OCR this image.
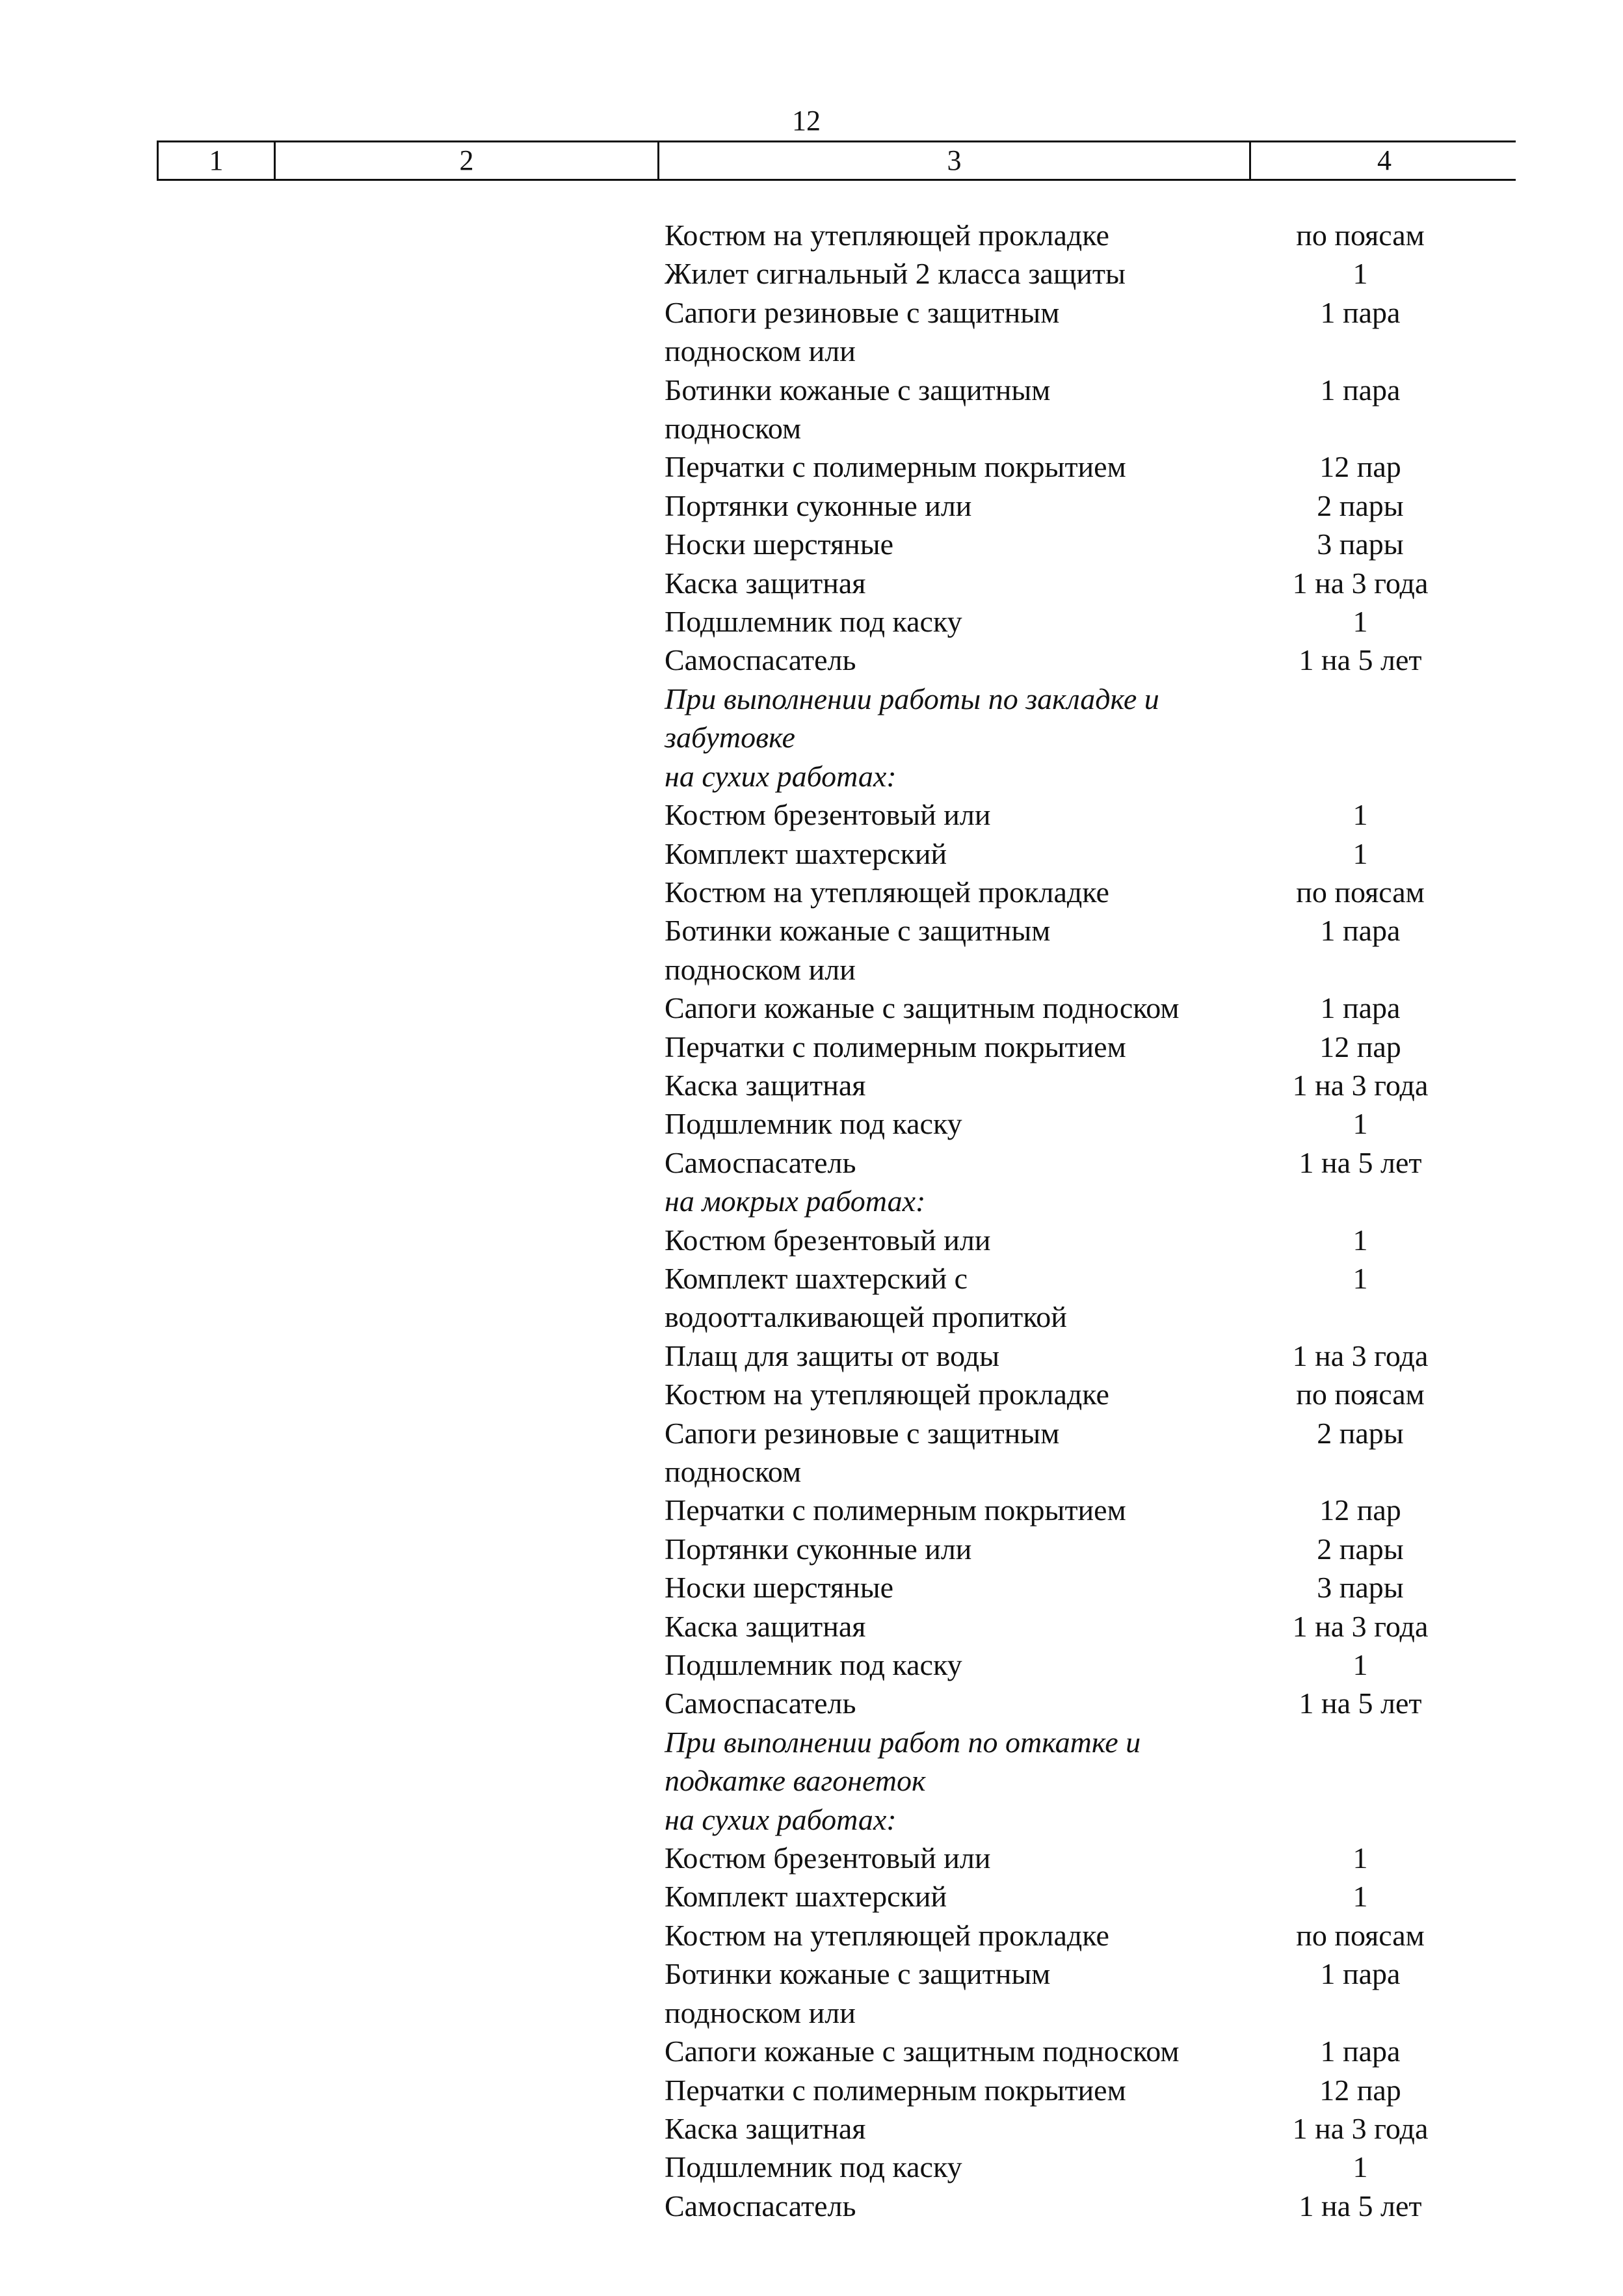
12
1	2	3	4
Костюм на утепляющей прокладке	по поясам
Жилет сигнальный 2 класса защиты	1
Сапоги резиновые с защитным	1 пара
подноском или
Ботинки кожаные с защитным	1 пара
подноском
Перчатки с полимерным покрытием	12 пар
Портянки суконные или	2 пары
Носки шерстяные	3 пары
Каска защитная	1 на 3 года
Подшлемник под каску	1
Самоспасатель	1 на 5 лет
При выполнении работы по закладке и
забутовке
на сухих работах:
Костюм брезентовый или	1
Комплект шахтерский	1
Костюм на утепляющей прокладке	по поясам
Ботинки кожаные с защитным	1 пара
подноском или
Сапоги кожаные с защитным подноском	1 пара
Перчатки с полимерным покрытием	12 пар
Каска защитная	1 на 3 года
Подшлемник под каску	1
Самоспасатель	1 на 5 лет
на мокрых работах:
Костюм брезентовый или	1
Комплект шахтерский с	1
водоотталкивающей пропиткой
Плащ для защиты от воды	1 на 3 года
Костюм на утепляющей прокладке	по поясам
Сапоги резиновые с защитным	2 пары
подноском
Перчатки с полимерным покрытием	12 пар
Портянки суконные или	2 пары
Носки шерстяные	3 пары
Каска защитная	1 на 3 года
Подшлемник под каску	1
Самоспасатель	1 на 5 лет
При выполнении работ по откатке и
подкатке вагонеток
на сухих работах:
Костюм брезентовый или	1
Комплект шахтерский	1
Костюм на утепляющей прокладке	по поясам
Ботинки кожаные с защитным	1 пара
подноском или
Сапоги кожаные с защитным подноском	1 пара
Перчатки с полимерным покрытием	12 пар
Каска защитная	1 на 3 года
Подшлемник под каску	1
Самоспасатель	1 на 5 лет
